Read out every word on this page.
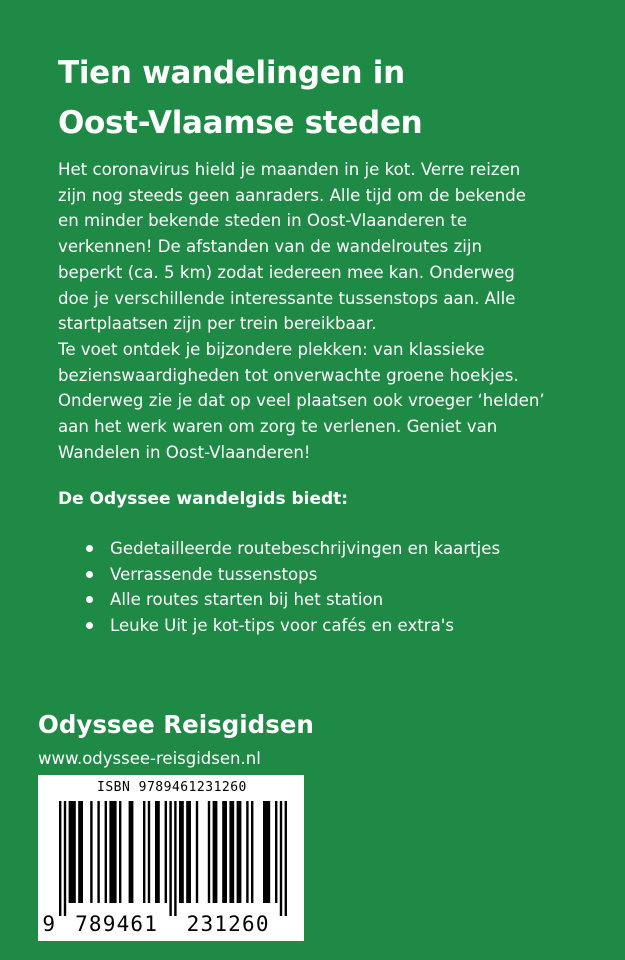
Tien wandelingen in
Oost-Vlaamse steden

Het coronavirus hield je maanden in je kot. Verre reizen
zijn nog steeds geen aanraders. Alle tijd om de bekende
en minder bekende steden in Oost-Vlaanderen te
verkennen! De afstanden van de wandelroutes zijn
beperkt (ca. 5 km) zodat iedereen mee kan. Onderweg
doe je verschillende interessante tussenstops aan. Alle
startplaatsen zijn per trein bereikbaar.
Te voet ontdek je bijzondere plekken: van klassieke
bezienswaardigheden tot onverwachte groene hoekjes.
Onderweg zie je dat op veel plaatsen ook vroeger ‘helden’
aan het werk waren om zorg te verlenen. Geniet van
Wandelen in Oost-Vlaanderen!

De Odyssee wandelgids biedt:
Gedetailleerde routebeschrijvingen en kaartjes
Verrassende tussenstops
Alle routes starten bij het station
Leuke Uit je kot-tips voor cafés en extra's
Odyssee Reisgidsen
www.odyssee-reisgidsen.nl
ISBN 9789461231260
9 789461 231260
